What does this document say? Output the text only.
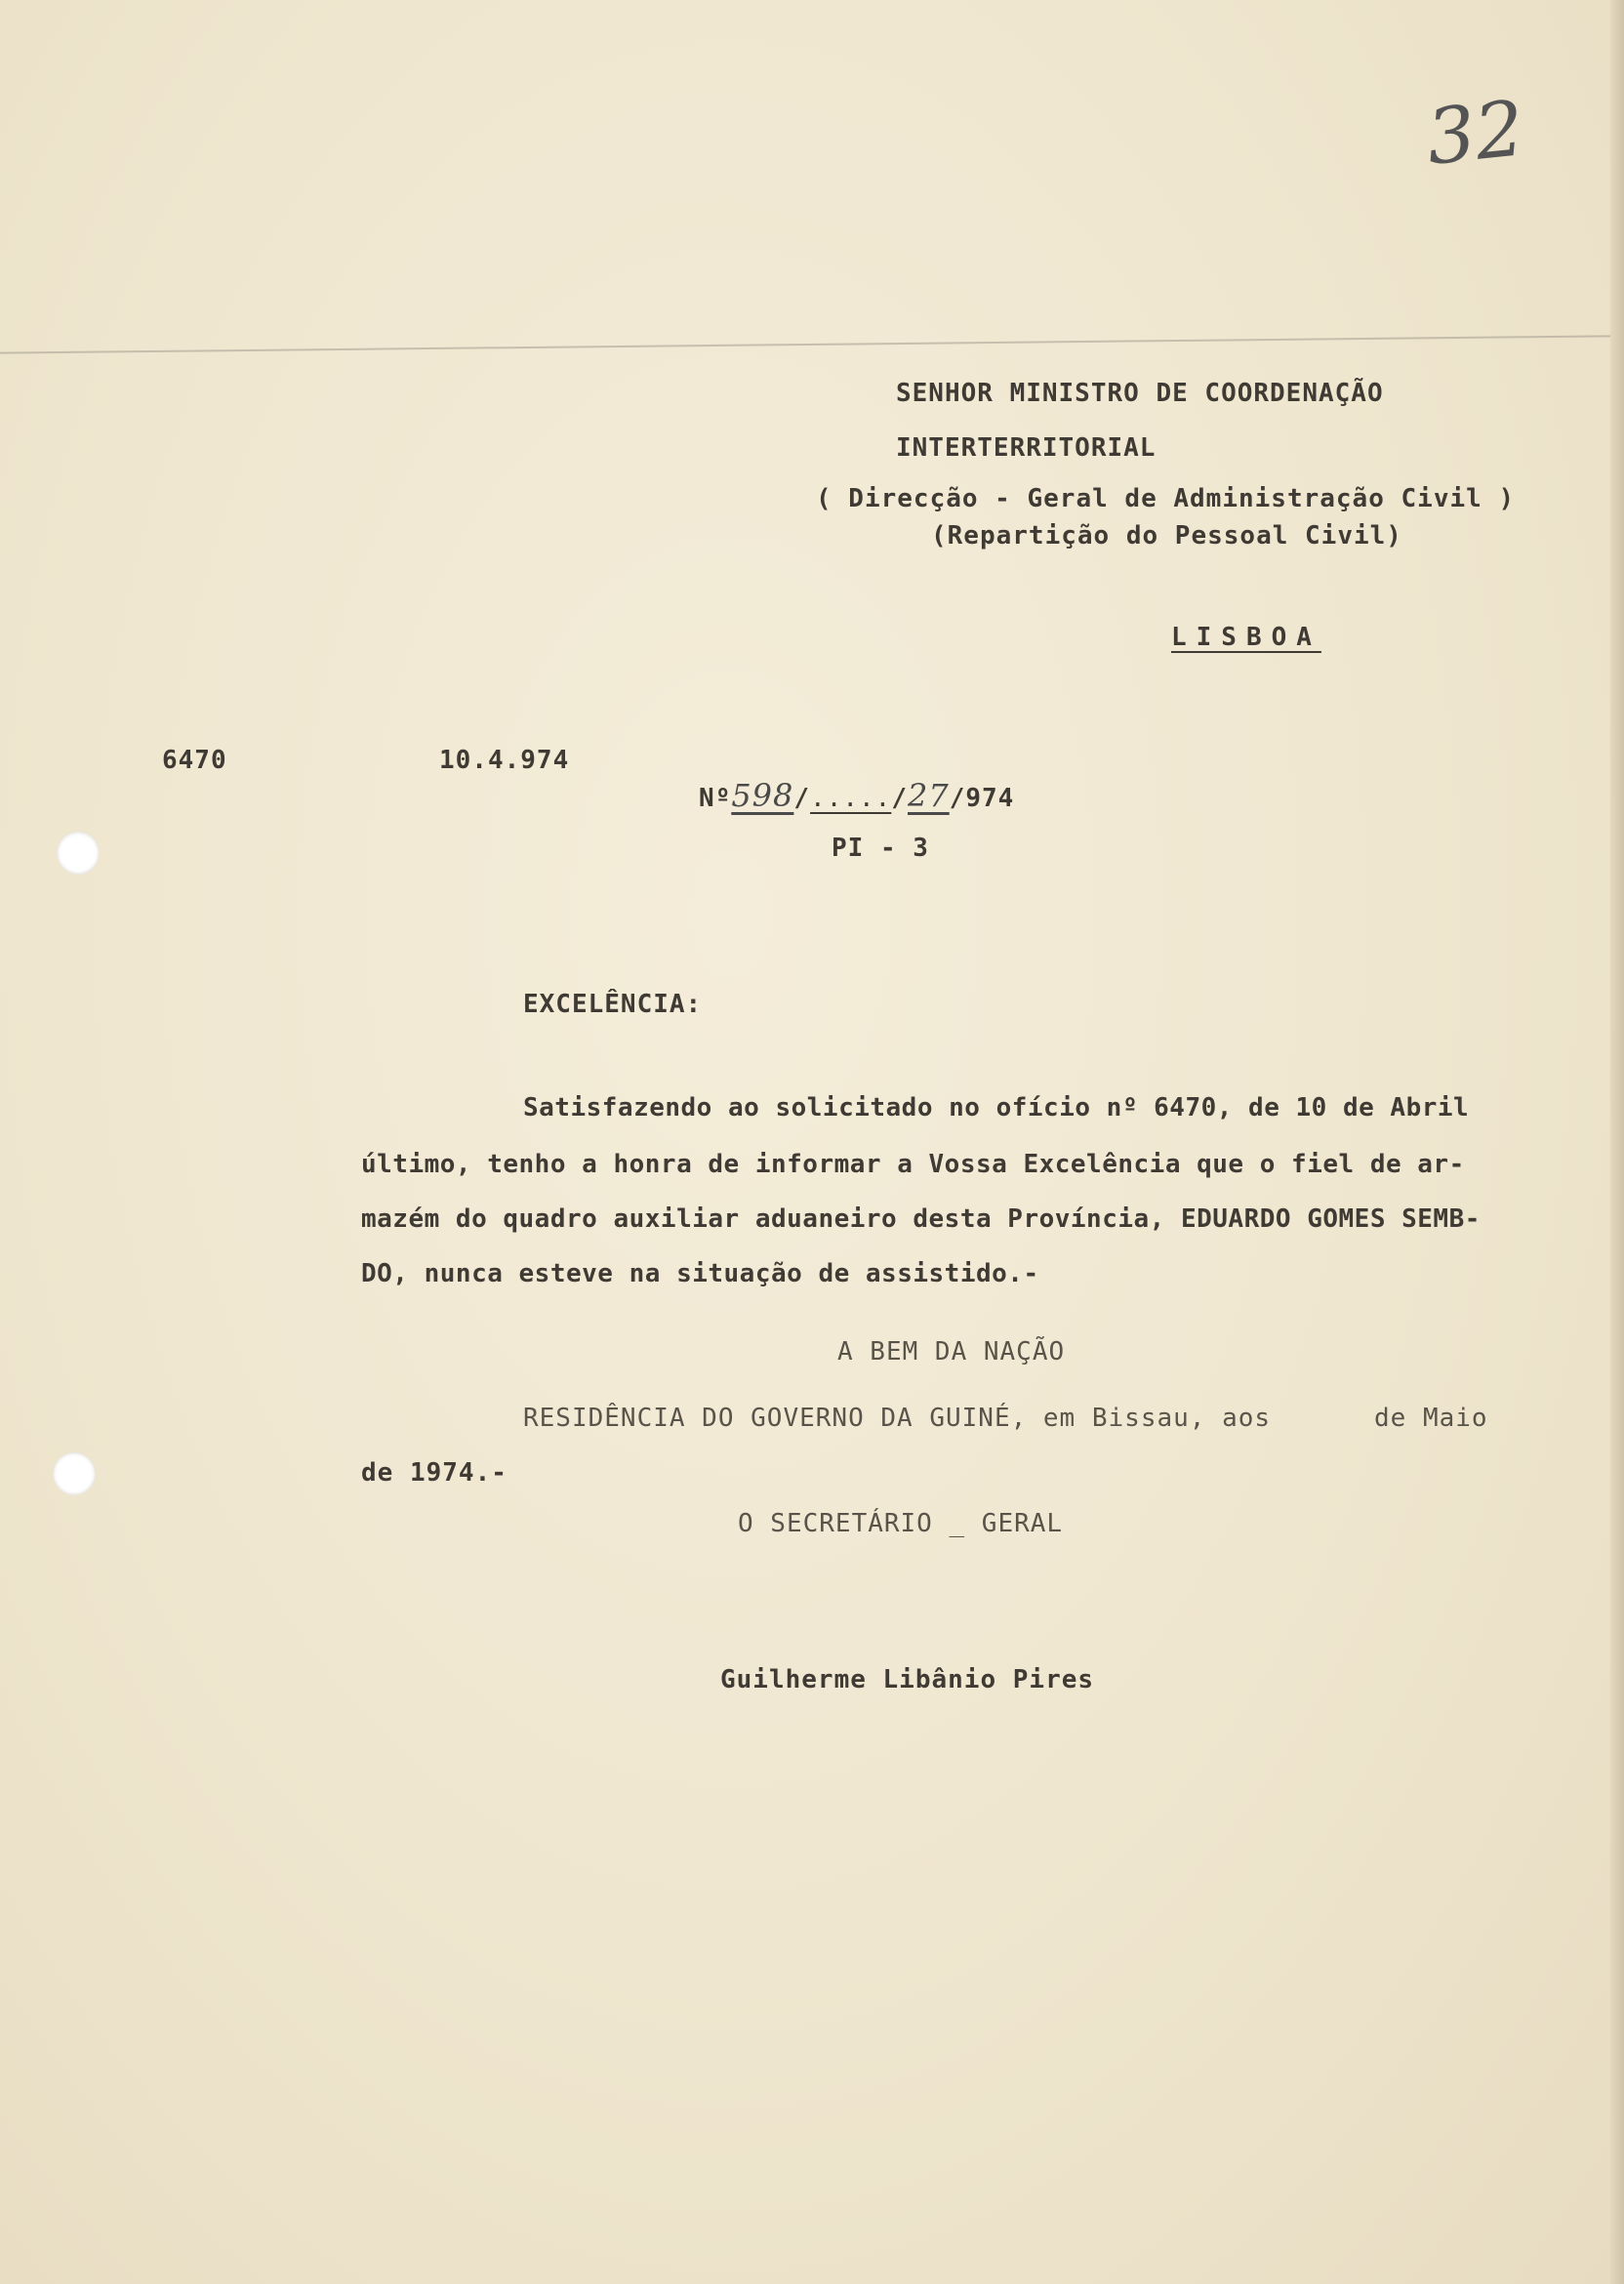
32
SENHOR MINISTRO DE COORDENAÇÃO
INTERTERRITORIAL
( Direcção - Geral de Administração Civil )
(Repartição do Pessoal Civil)
LISBOA
6470	10.4.974
Nº598/...../27/974
PI - 3
EXCELÊNCIA:
Satisfazendo ao solicitado no ofício nº 6470, de 10 de Abril
último, tenho a honra de informar a Vossa Excelência que o fiel de ar-
mazém do quadro auxiliar aduaneiro desta Província, EDUARDO GOMES SEMB-
DO, nunca esteve na situação de assistido.-
A BEM DA NAÇÃO
RESIDÊNCIA DO GOVERNO DA GUINÉ, em Bissau, aos	de Maio
de 1974.-
O SECRETÁRIO _ GERAL
Guilherme Libânio Pires
